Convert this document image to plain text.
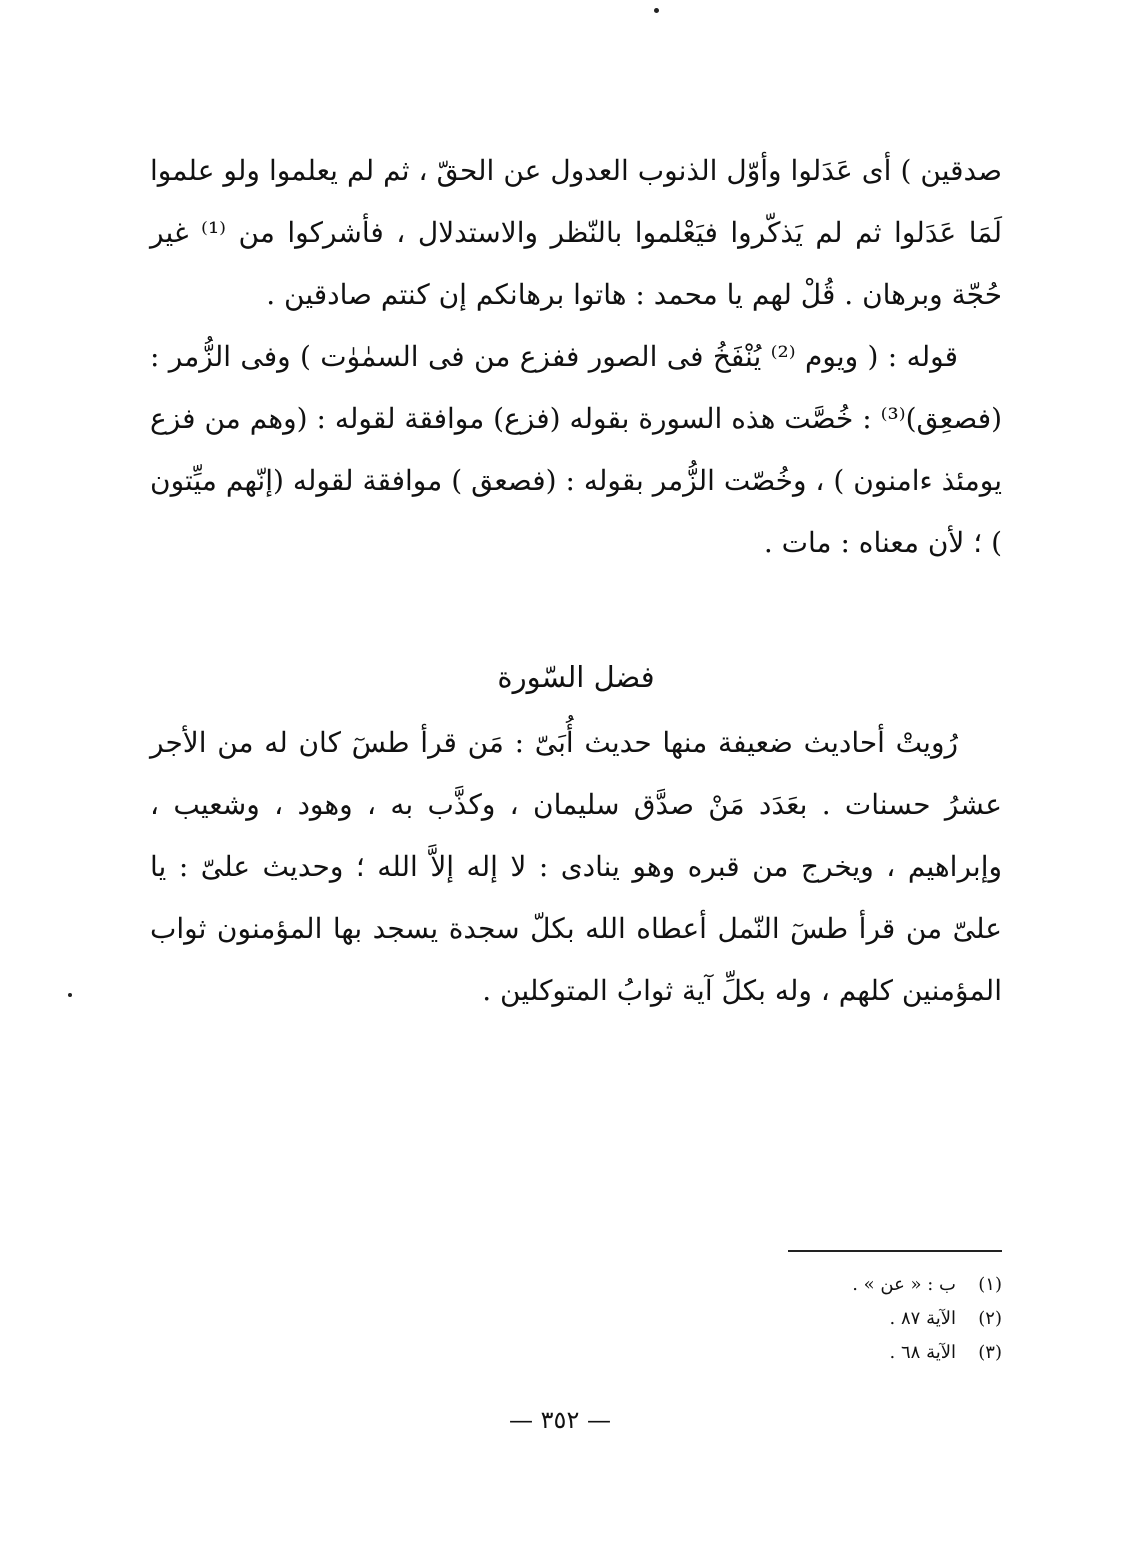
صدقين ) أى عَدَلوا وأوّل الذنوب العدول عن الحقّ ، ثم لم يعلموا ولو علموا لَمَا عَدَلوا ثم لم يَذكّروا فيَعْلموا بالنّظر والاستدلال ، فأشركوا من ⁽¹⁾ غير حُجّة وبرهان . قُلْ لهم يا محمد : هاتوا برهانكم إن كنتم صادقين .

قوله : ( ويوم ⁽²⁾ يُنْفَخُ فى الصور ففزع من فى السمٰوٰت ) وفى الزُّمر : (فصعِق)⁽³⁾ : خُصَّت هذه السورة بقوله (فزع) موافقة لقوله : (وهم من فزع يومئذ ءامنون ) ، وخُصّت الزُّمر بقوله : (فصعق ) موافقة لقوله (إنّهم ميِّتون ) ؛ لأن معناه : مات .

فضل السّورة

رُويتْ أحاديث ضعيفة منها حديث أُبَىّ : مَن قرأ طسٓ كان له من الأجر عشرُ حسنات . بعَدَد مَنْ صدَّق سليمان ، وكذَّب به ، وهود ، وشعيب ، وإبراهيم ، ويخرج من قبره وهو ينادى : لا إله إلاَّ الله ؛ وحديث علىّ : يا علىّ من قرأ طسٓ النّمل أعطاه الله بكلّ سجدة يسجد بها المؤمنون ثواب المؤمنين كلهم ، وله بكلِّ آية ثوابُ المتوكلين .

(١)
ب : « عن » .
(٢)
الآية ٨٧ .
(٣)
الآية ٦٨ .
— ٣٥٢ —
